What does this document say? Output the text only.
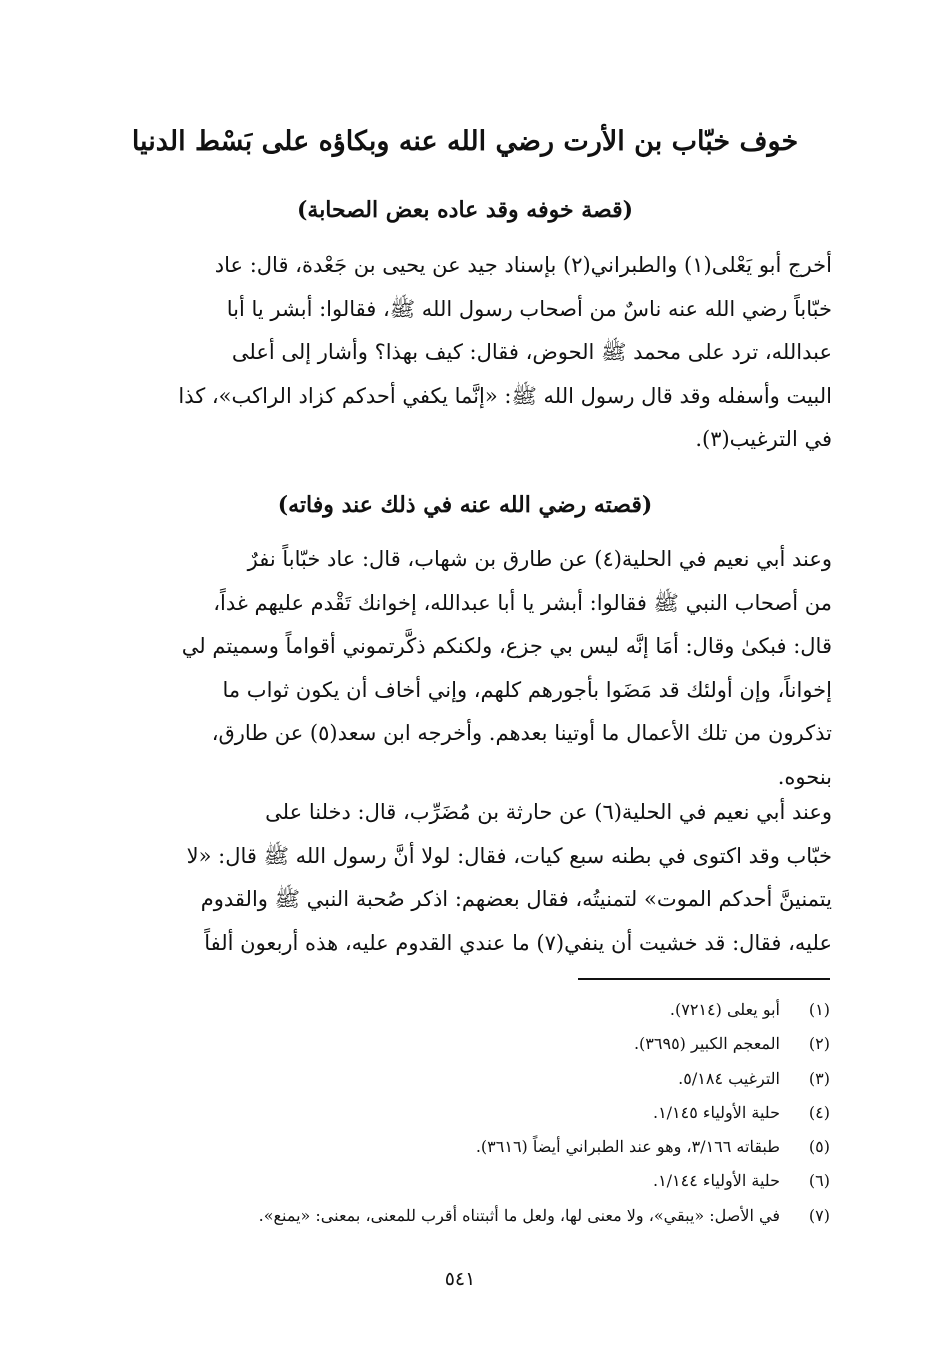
خوف خبّاب بن الأرت رضي الله عنه وبكاؤه على بَسْط الدنيا
(قصة خوفه وقد عاده بعض الصحابة)
أخرج أبو يَعْلى(١) والطبراني(٢) بإسناد جيد عن يحيى بن جَعْدة، قال: عاد
خبّاباً رضي الله عنه ناسٌ من أصحاب رسول الله ﷺ، فقالوا: أبشر يا أبا
عبدالله، ترد على محمد ﷺ الحوض، فقال: كيف بهذا؟ وأشار إلى أعلى
البيت وأسفله وقد قال رسول الله ﷺ: «إنَّما يكفي أحدكم كزاد الراكب»، كذا
في الترغيب(٣).
(قصته رضي الله عنه في ذلك عند وفاته)
وعند أبي نعيم في الحلية(٤) عن طارق بن شهاب، قال: عاد خبّاباً نفرٌ
من أصحاب النبي ﷺ فقالوا: أبشر يا أبا عبدالله، إخوانك تَقْدم عليهم غداً،
قال: فبكىٰ وقال: أمَا إنَّه ليس بي جزع، ولكنكم ذكَّرتموني أقواماً وسميتم لي
إخواناً، وإن أولئك قد مَضَوا بأجورهم كلهم، وإني أخاف أن يكون ثواب ما
تذكرون من تلك الأعمال ما أوتينا بعدهم. وأخرجه ابن سعد(٥) عن طارق،
بنحوه.
وعند أبي نعيم في الحلية(٦) عن حارثة بن مُضَرِّب، قال: دخلنا على
خبّاب وقد اكتوى في بطنه سبع كيات، فقال: لولا أنَّ رسول الله ﷺ قال: «لا
يتمنينَّ أحدكم الموت» لتمنيتُه، فقال بعضهم: اذكر صُحبة النبي ﷺ والقدوم
عليه، فقال: قد خشيت أن ينفي(٧) ما عندي القدوم عليه، هذه أربعون ألفاً
(١)
أبو يعلى (٧٢١٤).
(٢)
المعجم الكبير (٣٦٩٥).
(٣)
الترغيب ٥/١٨٤.
(٤)
حلية الأولياء ١/١٤٥.
(٥)
طبقاته ٣/١٦٦، وهو عند الطبراني أيضاً (٣٦١٦).
(٦)
حلية الأولياء ١/١٤٤.
(٧)
في الأصل: «يبقي»، ولا معنى لها، ولعل ما أثبتناه أقرب للمعنى، بمعنى: «يمنع».
٥٤١
